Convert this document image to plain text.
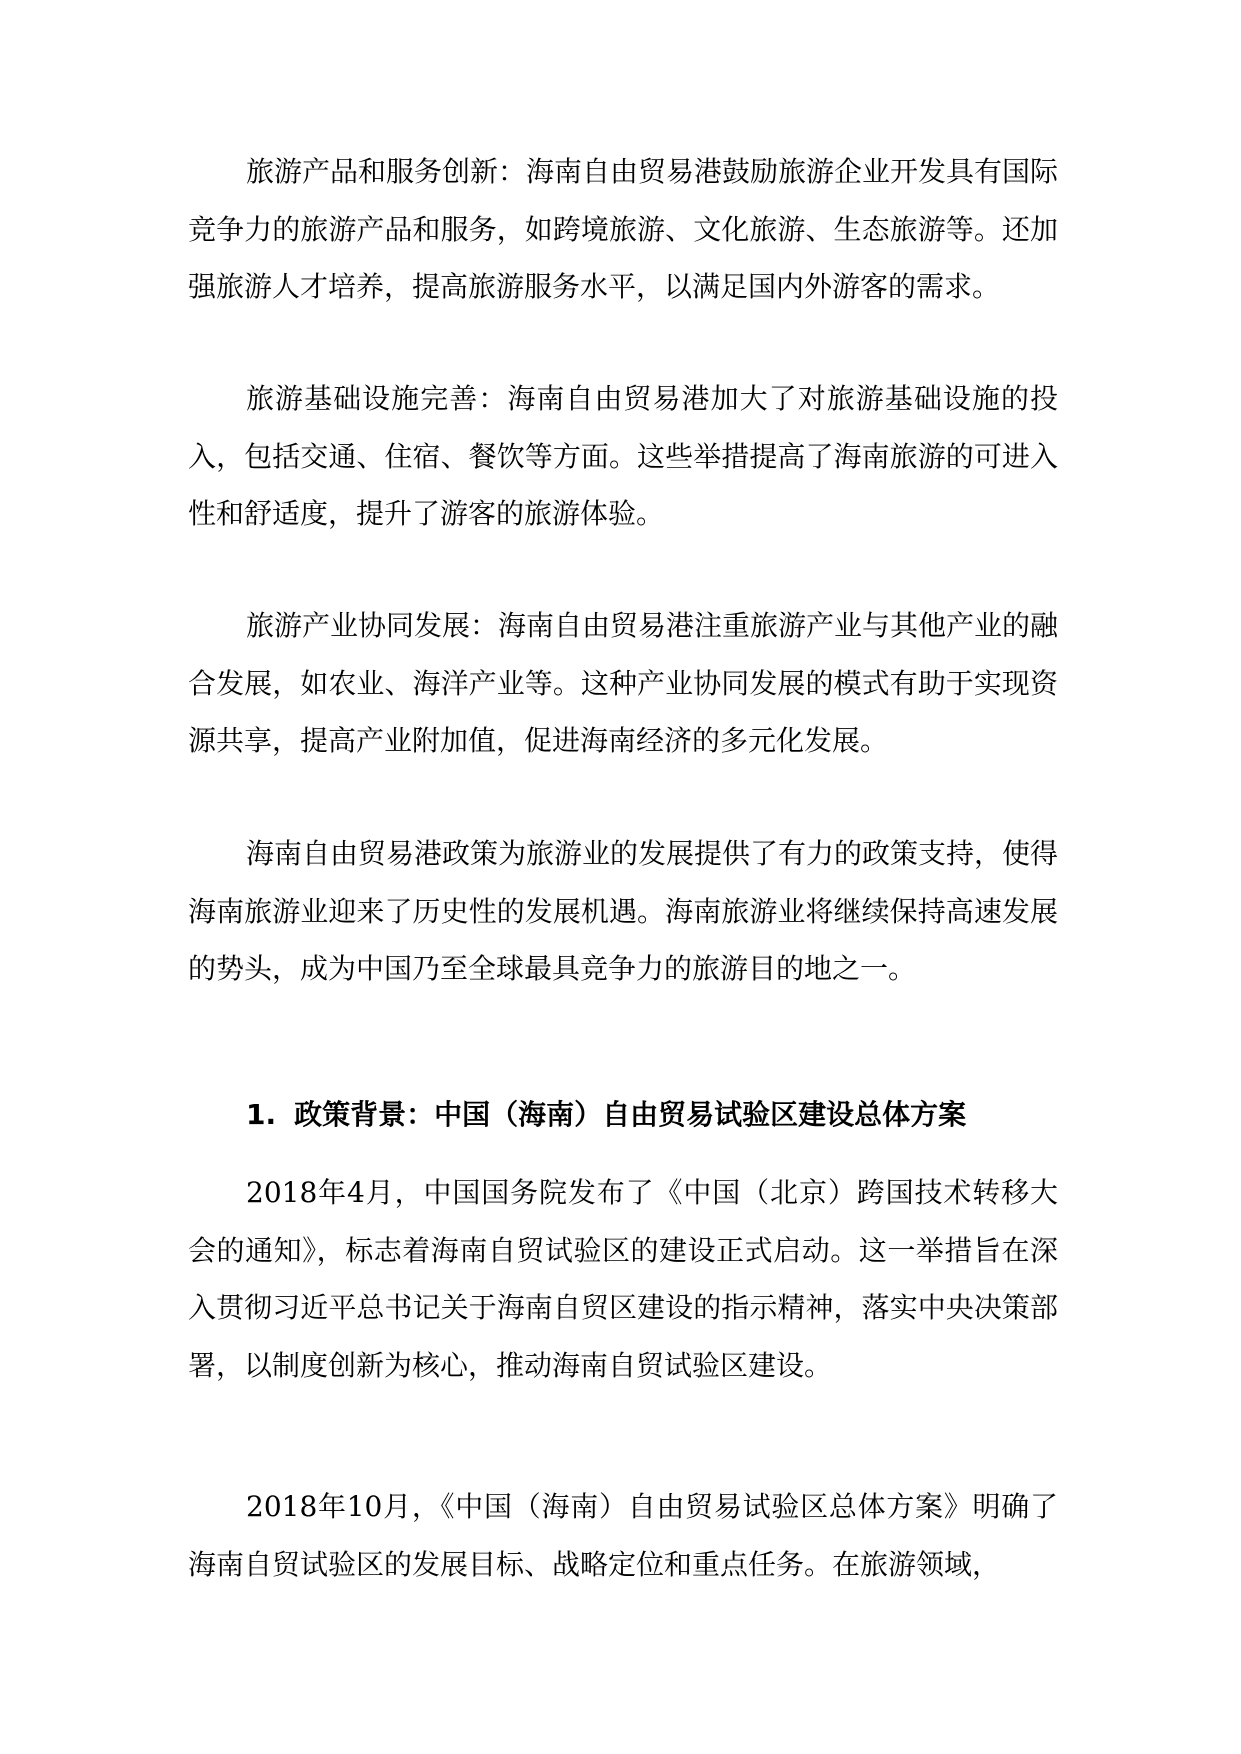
旅游产品和服务创新：海南自由贸易港鼓励旅游企业开发具有国际竞争力的旅游产品和服务，如跨境旅游、文化旅游、生态旅游等。还加强旅游人才培养，提高旅游服务水平，以满足国内外游客的需求。

旅游基础设施完善：海南自由贸易港加大了对旅游基础设施的投入，包括交通、住宿、餐饮等方面。这些举措提高了海南旅游的可进入性和舒适度，提升了游客的旅游体验。

旅游产业协同发展：海南自由贸易港注重旅游产业与其他产业的融合发展，如农业、海洋产业等。这种产业协同发展的模式有助于实现资源共享，提高产业附加值，促进海南经济的多元化发展。

海南自由贸易港政策为旅游业的发展提供了有力的政策支持，使得海南旅游业迎来了历史性的发展机遇。海南旅游业将继续保持高速发展的势头，成为中国乃至全球最具竞争力的旅游目的地之一。

1. 政策背景：中国（海南）自由贸易试验区建设总体方案

2018年4月，中国国务院发布了《中国（北京）跨国技术转移大会的通知》，标志着海南自贸试验区的建设正式启动。这一举措旨在深入贯彻习近平总书记关于海南自贸区建设的指示精神，落实中央决策部署，以制度创新为核心，推动海南自贸试验区建设。

2018年10月，《中国（海南）自由贸易试验区总体方案》明确了海南自贸试验区的发展目标、战略定位和重点任务。在旅游领域，
